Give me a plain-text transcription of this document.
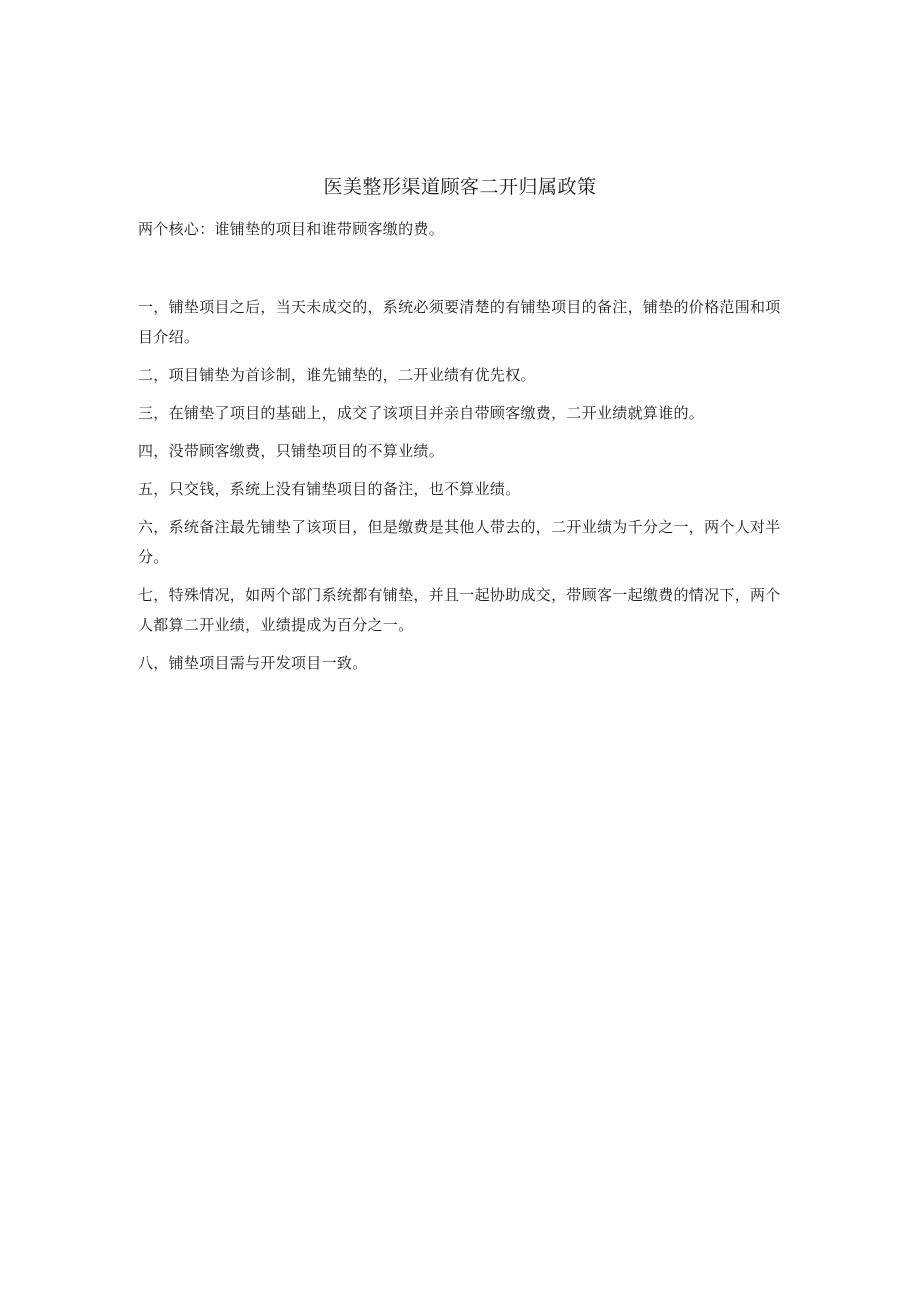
医美整形渠道顾客二开归属政策

两个核心：谁铺垫的项目和谁带顾客缴的费。

一，铺垫项目之后，当天未成交的，系统必须要清楚的有铺垫项目的备注，铺垫的价格范围和项目介绍。

二，项目铺垫为首诊制，谁先铺垫的，二开业绩有优先权。

三，在铺垫了项目的基础上，成交了该项目并亲自带顾客缴费，二开业绩就算谁的。

四，没带顾客缴费，只铺垫项目的不算业绩。

五，只交钱，系统上没有铺垫项目的备注，也不算业绩。

六，系统备注最先铺垫了该项目，但是缴费是其他人带去的，二开业绩为千分之一，两个人对半分。

七，特殊情况，如两个部门系统都有铺垫，并且一起协助成交，带顾客一起缴费的情况下，两个人都算二开业绩，业绩提成为百分之一。

八，铺垫项目需与开发项目一致。
